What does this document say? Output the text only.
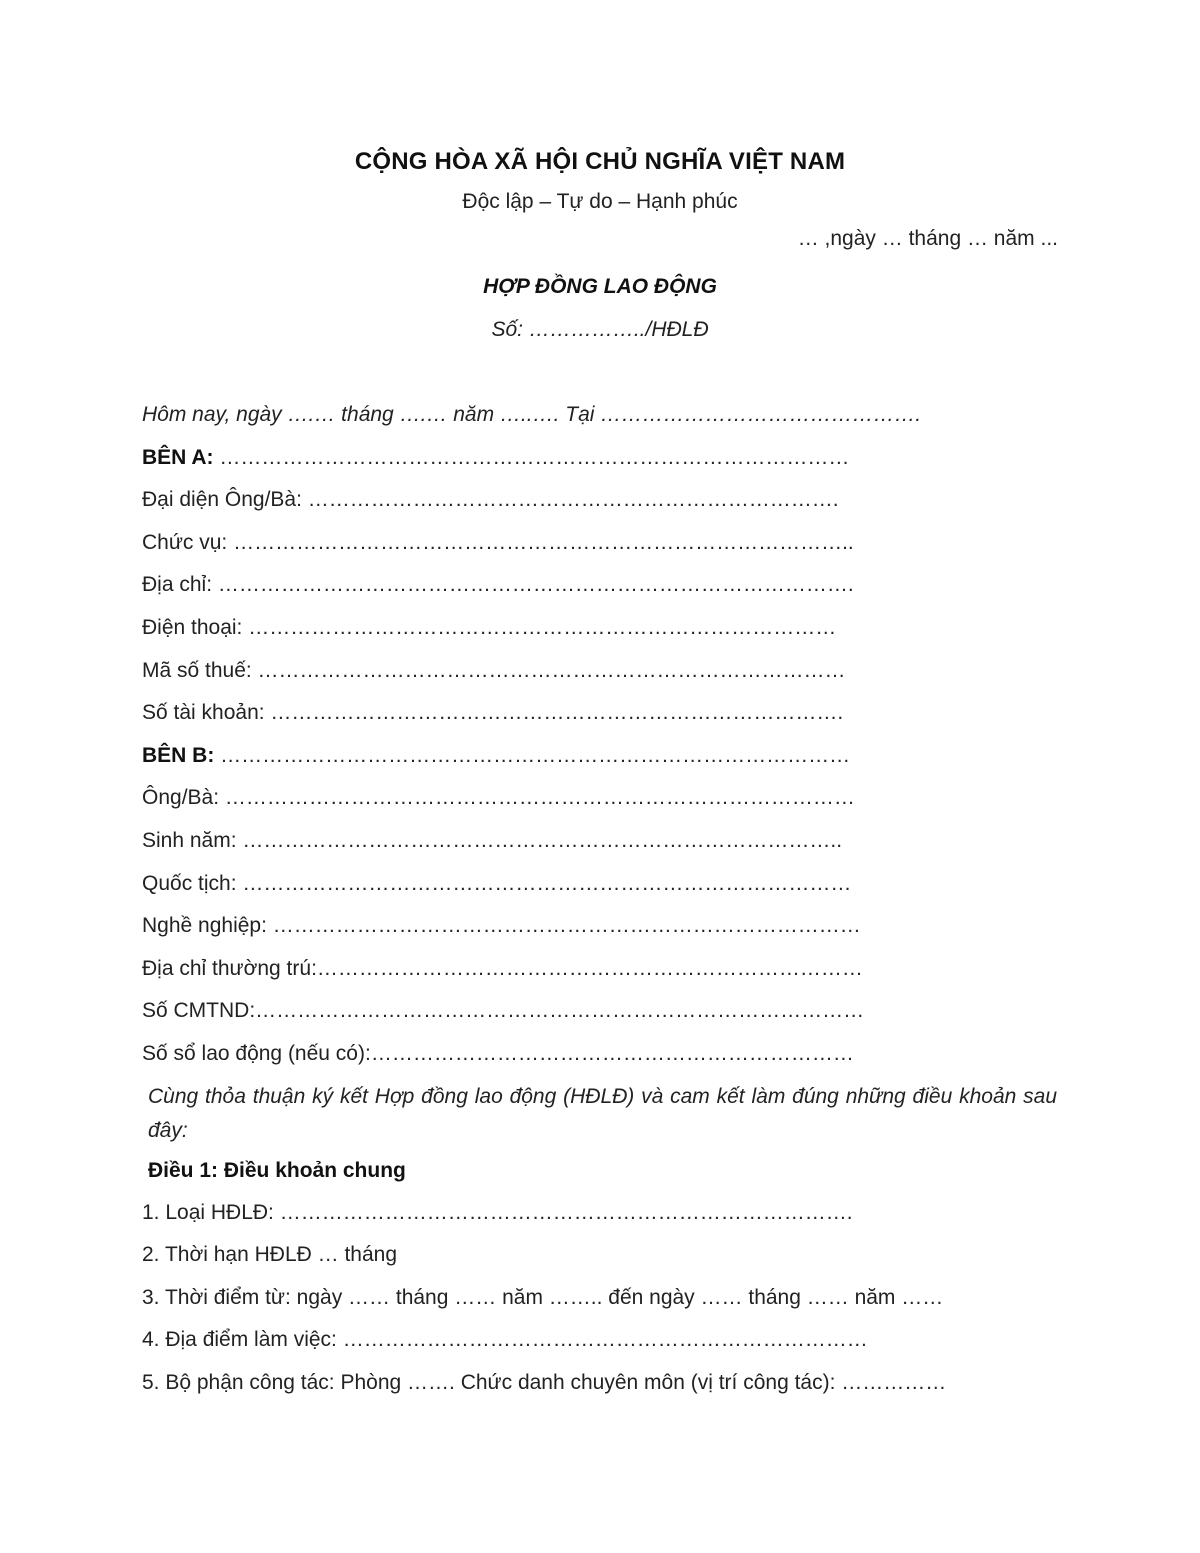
CỘNG HÒA XÃ HỘI CHỦ NGHĨA VIỆT NAM
Độc lập – Tự do – Hạnh phúc
… ,ngày … tháng … năm ...
HỢP ĐỒNG LAO ĐỘNG
Số: ……………../HĐLĐ
Hôm nay, ngày ….… tháng ….… năm …..…. Tại ……………………………………….
BÊN A: ………………………………………………………………………………
Đại diện Ông/Bà: ………………………………………………………………….
Chức vụ: ……………………………………………………………………………..
Địa chỉ: ……………………………………………………………………………….
Điện thoại: …………………………………………………………………………
Mã số thuế: …………………………………………………………………………
Số tài khoản: ……………………………………………………………………….
BÊN B: ………………………………………………………………………………
Ông/Bà: ………………………………………………………………………………
Sinh năm: …………………………………………………………………………..
Quốc tịch: ……………………………………………………………………………
Nghề nghiệp: …………………………………………………………………………
Địa chỉ thường trú:……………………………………………………………………
Số CMTND:……………………………………………………………………………
Số sổ lao động (nếu có):……………………………………………………………
Cùng thỏa thuận ký kết Hợp đồng lao động (HĐLĐ) và cam kết làm đúng những điều khoản sau đây:
Điều 1: Điều khoản chung
1. Loại HĐLĐ: ……………………………………………………………………….
2. Thời hạn HĐLĐ … tháng
3. Thời điểm từ: ngày …… tháng …… năm …….. đến ngày …… tháng …… năm ……
4. Địa điểm làm việc: …………………………………………………………………
5. Bộ phận công tác: Phòng ……. Chức danh chuyên môn (vị trí công tác): ……………
